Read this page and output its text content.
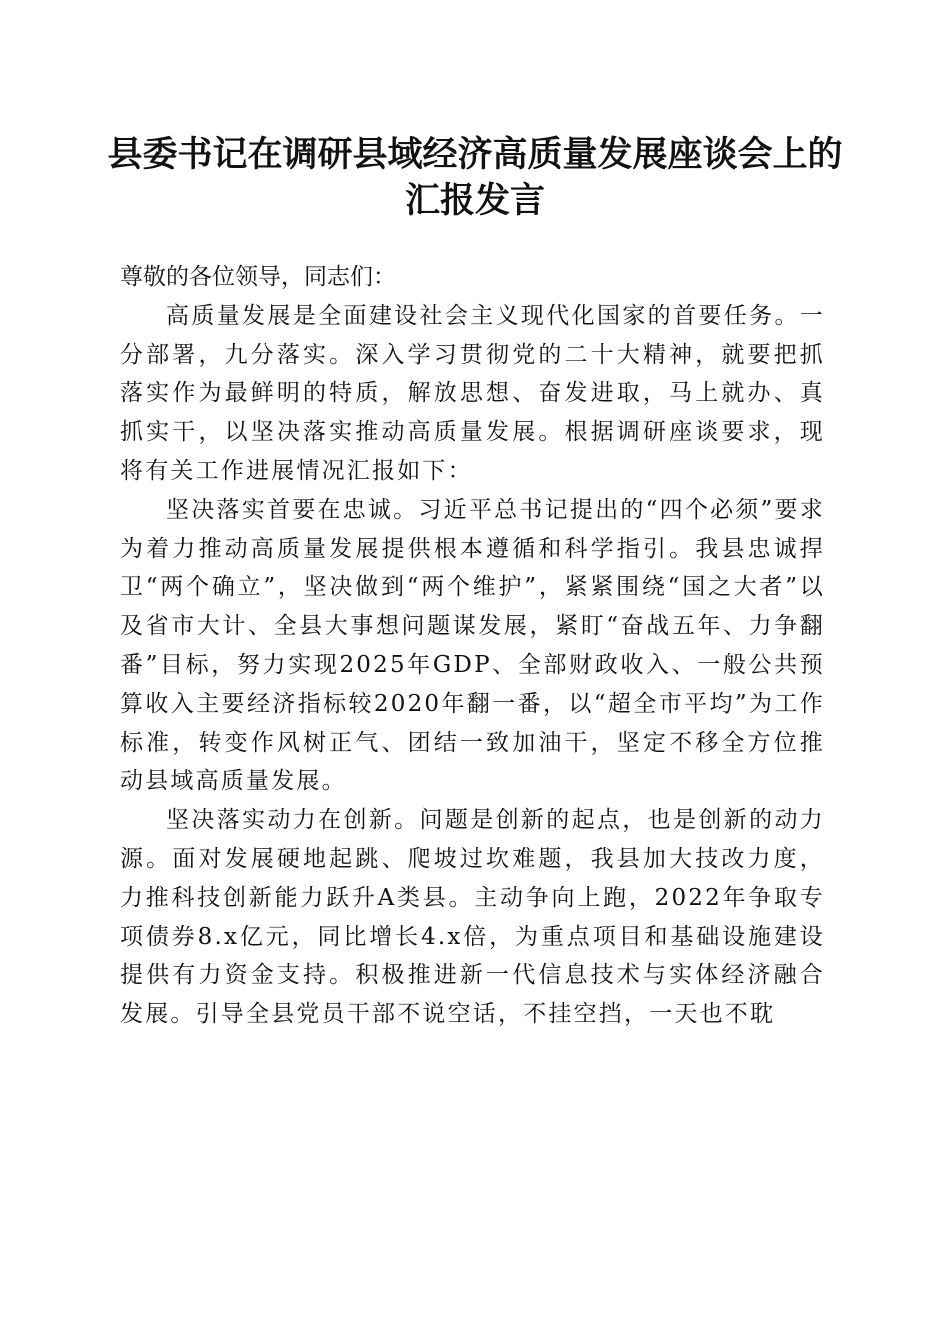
县委书记在调研县域经济高质量发展座谈会上的汇报发言

尊敬的各位领导，同志们：

高质量发展是全面建设社会主义现代化国家的首要任务。一分部署，九分落实。深入学习贯彻党的二十大精神，就要把抓落实作为最鲜明的特质，解放思想、奋发进取，马上就办、真抓实干，以坚决落实推动高质量发展。根据调研座谈要求，现将有关工作进展情况汇报如下：

坚决落实首要在忠诚。习近平总书记提出的“四个必须”要求为着力推动高质量发展提供根本遵循和科学指引。我县忠诚捍卫“两个确立”，坚决做到“两个维护”，紧紧围绕“国之大者”以及省市大计、全县大事想问题谋发展，紧盯“奋战五年、力争翻番”目标，努力实现2025年GDP、全部财政收入、一般公共预算收入主要经济指标较2020年翻一番，以“超全市平均”为工作标准，转变作风树正气、团结一致加油干，坚定不移全方位推动县域高质量发展。

坚决落实动力在创新。问题是创新的起点，也是创新的动力源。面对发展硬地起跳、爬坡过坎难题，我县加大技改力度，力推科技创新能力跃升A类县。主动争向上跑，2022年争取专项债券8.x亿元，同比增长4.x倍，为重点项目和基础设施建设提供有力资金支持。积极推进新一代信息技术与实体经济融合发展。引导全县党员干部不说空话，不挂空挡，一天也不耽
